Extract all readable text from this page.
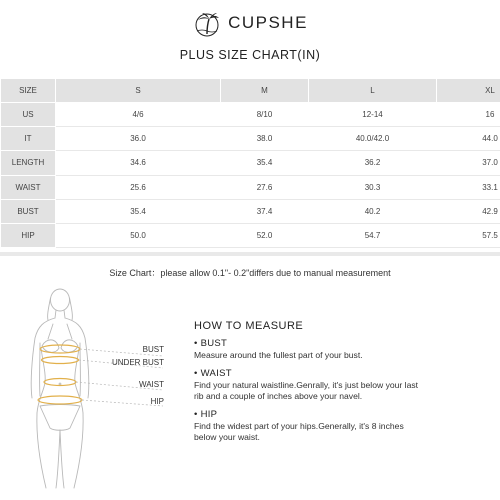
CUPSHE
PLUS SIZE CHART(IN)
SIZE	S	M	L	XL
US	4/6	8/10	12-14	16
IT	36.0	38.0	40.0/42.0	44.0
LENGTH	34.6	35.4	36.2	37.0
WAIST	25.6	27.6	30.3	33.1
BUST	35.4	37.4	40.2	42.9
HIP	50.0	52.0	54.7	57.5
Size Chart：please allow 0.1"- 0.2"differs due to manual measurement
BUST
UNDER BUST
WAIST
HIP
HOW TO MEASURE
• BUST
Measure around the fullest part of your bust.
• WAIST
Find your natural waistline.Genrally, it's just below your last
rib and a couple of inches above your navel.
• HIP
Find the widest part of your hips.Generally, it's 8 inches
below your waist.
